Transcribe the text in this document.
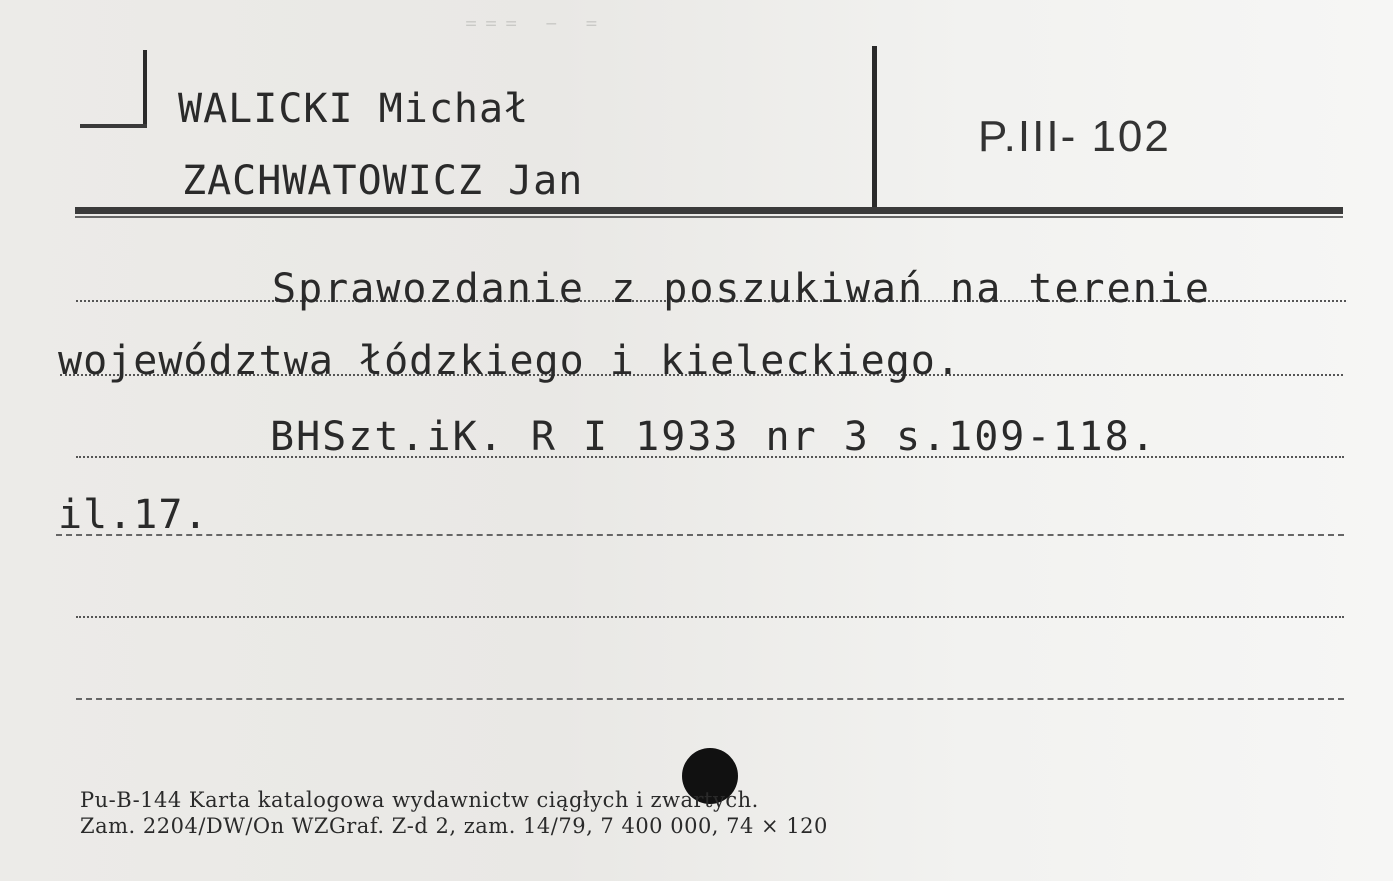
⁼⁼⁼ ⁻ ⁼
WALICKI Michał
ZACHWATOWICZ Jan
P.III- 102
Sprawozdanie z poszukiwań na terenie
województwa łódzkiego i kieleckiego.
BHSzt.iK. R I 1933 nr 3 s.109-118.
il.17.
Pu-B-144 Karta katalogowa wydawnictw ciągłych i zwartych.
Zam. 2204/DW/On WZGraf. Z-d 2, zam. 14/79, 7 400 000, 74 × 120
